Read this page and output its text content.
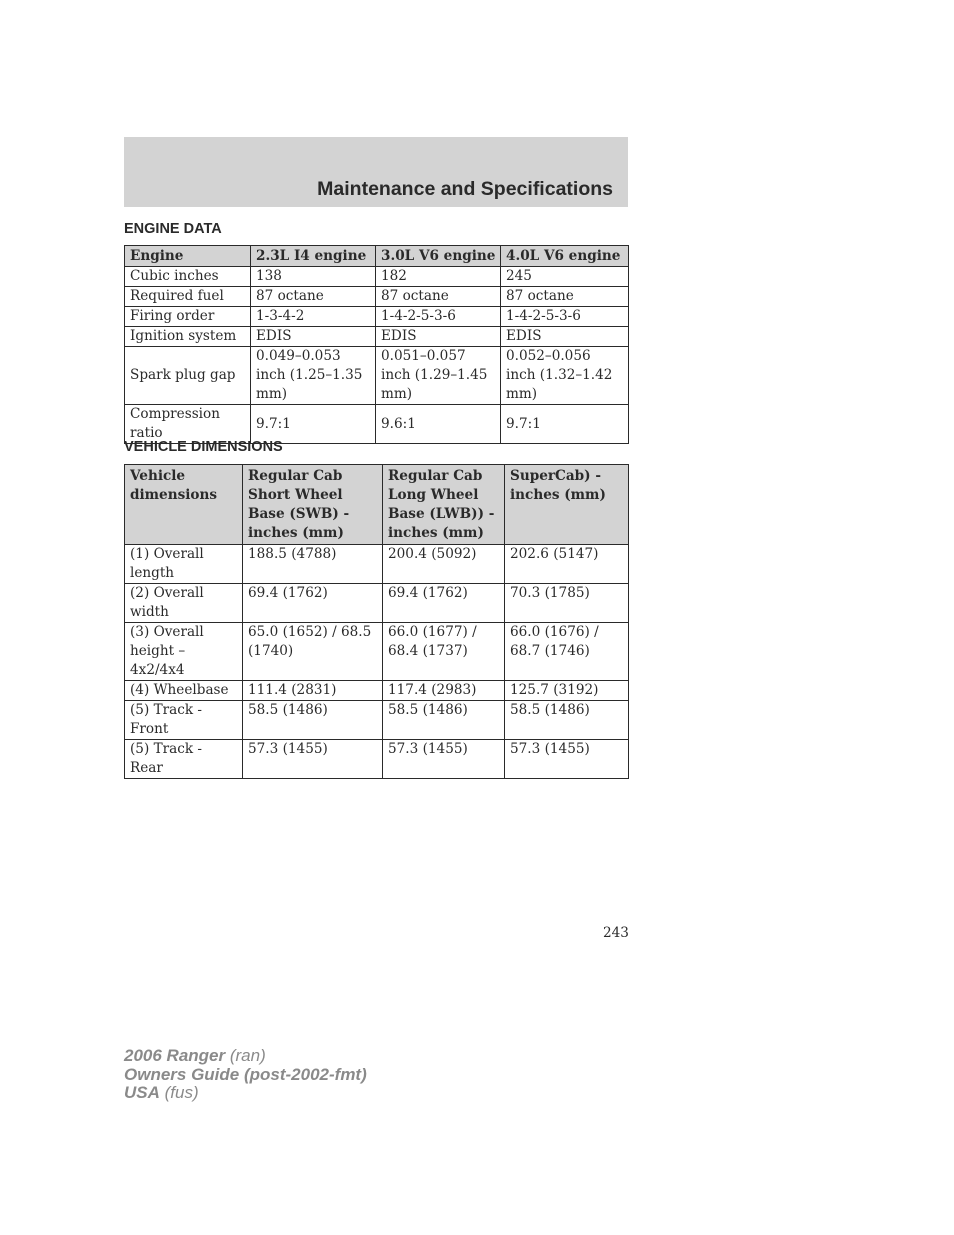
Maintenance and Specifications
ENGINE DATA
Engine	2.3L I4 engine	3.0L V6 engine	4.0L V6 engine
Cubic inches	138	182	245
Required fuel	87 octane	87 octane	87 octane
Firing order	1-3-4-2	1-4-2-5-3-6	1-4-2-5-3-6
Ignition system	EDIS	EDIS	EDIS
Spark plug gap	0.049–0.053 inch (1.25–1.35 mm)	0.051–0.057 inch (1.29–1.45 mm)	0.052–0.056 inch (1.32–1.42 mm)
Compression ratio	9.7:1	9.6:1	9.7:1
VEHICLE DIMENSIONS
Vehicle dimensions	Regular Cab Short Wheel Base (SWB) - inches (mm)	Regular Cab Long Wheel Base (LWB)) - inches (mm)	SuperCab) - inches (mm)
(1) Overall length	188.5 (4788)	200.4 (5092)	202.6 (5147)
(2) Overall width	69.4 (1762)	69.4 (1762)	70.3 (1785)
(3) Overall height – 4x2/4x4	65.0 (1652) / 68.5 (1740)	66.0 (1677) / 68.4 (1737)	66.0 (1676) / 68.7 (1746)
(4) Wheelbase	111.4 (2831)	117.4 (2983)	125.7 (3192)
(5) Track - Front	58.5 (1486)	58.5 (1486)	58.5 (1486)
(5) Track - Rear	57.3 (1455)	57.3 (1455)	57.3 (1455)
243
2006 Ranger (ran)
Owners Guide (post-2002-fmt)
USA (fus)
